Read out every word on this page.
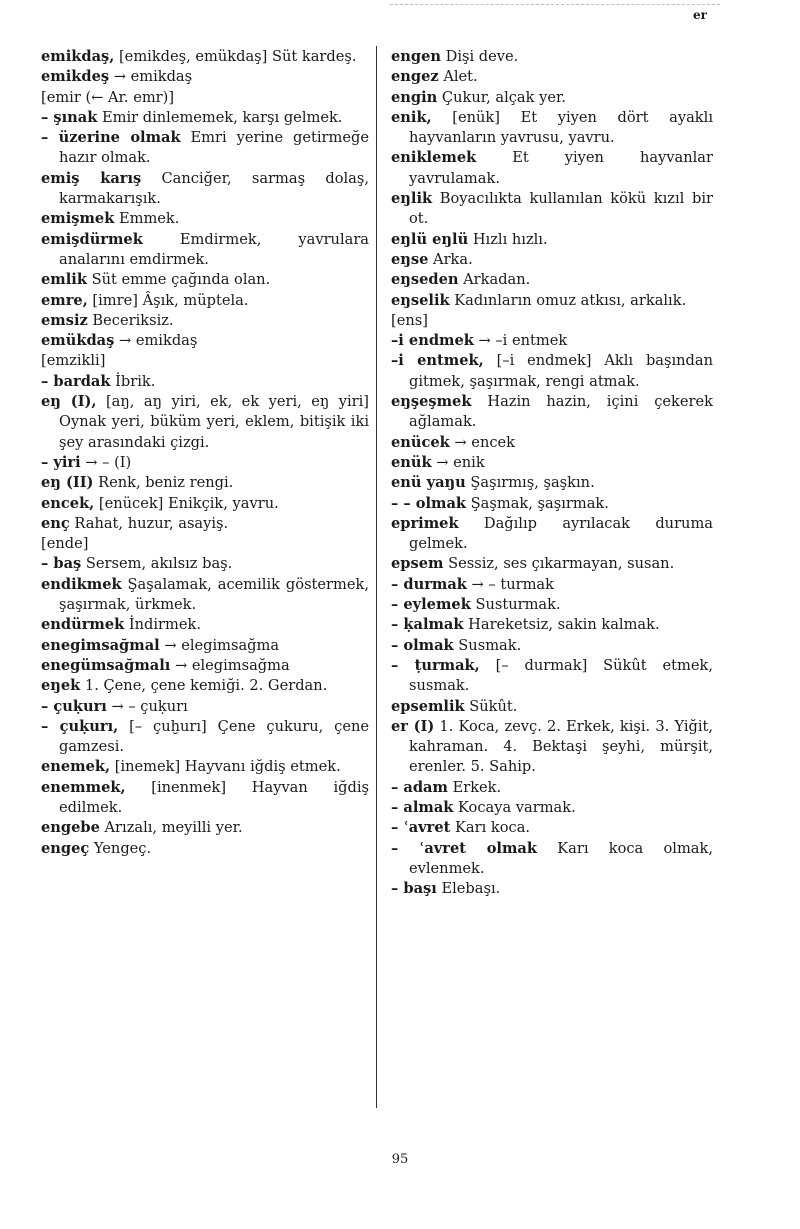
er

emikdaş, [emikdeş, emükdaş] Süt kardeş.

emikdeş → emikdaş

[emir (← Ar. emr)]

– şınak Emir dinlememek, karşı gelmek.

– üzerine olmak Emri yerine getirmeğe hazır olmak.

emiş karış Canciğer, sarmaş dolaş, karmakarışık.

emişmek Emmek.

emişdürmek Emdirmek, yavrulara analarını emdirmek.

emlik Süt emme çağında olan.

emre, [imre] Âşık, müptela.

emsiz Beceriksiz.

emükdaş → emikdaş

[emzikli]

– bardak İbrik.

eŋ (I), [aŋ, aŋ yiri, ek, ek yeri, eŋ yiri] Oynak yeri, büküm yeri, eklem, bitişik iki şey arasındaki çizgi.

– yiri → – (I)

eŋ (II) Renk, beniz rengi.

encek, [enücek] Enikçik, yavru.

enç Rahat, huzur, asayiş.

[ende]

– baş Sersem, akılsız baş.

endikmek Şaşalamak, acemilik göstermek, şaşırmak, ürkmek.

endürmek İndirmek.

enegimsağmal → elegimsağma

enegümsağmalı → elegimsağma

eŋek 1. Çene, çene kemiği. 2. Gerdan.

– çuḳurı → – çuḳurı

– çuḳurı, [– çuḫurı] Çene çukuru, çene gamzesi.

enemek, [inemek] Hayvanı iğdiş etmek.

enemmek, [inenmek] Hayvan iğdiş edilmek.

engebe Arızalı, meyilli yer.

engeç Yengeç.

engen Dişi deve.

engez Alet.

engin Çukur, alçak yer.

enik, [enük] Et yiyen dört ayaklı hayvanların yavrusu, yavru.

eniklemek Et yiyen hayvanlar yavrulamak.

eŋlik Boyacılıkta kullanılan kökü kızıl bir ot.

eŋlü eŋlü Hızlı hızlı.

eŋse Arka.

eŋseden Arkadan.

eŋselik Kadınların omuz atkısı, arkalık.

[ens]

–i endmek → –i entmek

–i entmek, [–i endmek] Aklı başından gitmek, şaşırmak, rengi atmak.

eŋşeşmek Hazin hazin, içini çekerek ağlamak.

enücek → encek

enük → enik

enü yaŋu Şaşırmış, şaşkın.

– – olmak Şaşmak, şaşırmak.

eprimek Dağılıp ayrılacak duruma gelmek.

epsem Sessiz, ses çıkarmayan, susan.

– durmak → – turmak

– eylemek Susturmak.

– ḳalmak Hareketsiz, sakin kalmak.

– olmak Susmak.

– ṭurmak, [– durmak] Sükût etmek, susmak.

epsemlik Sükût.

er (I) 1. Koca, zevç. 2. Erkek, kişi. 3. Yiğit, kahraman. 4. Bektaşi şeyhi, mürşit, erenler. 5. Sahip.

– adam Erkek.

– almak Kocaya varmak.

– ʿavret Karı koca.

– ʿavret olmak Karı koca olmak, evlenmek.

– başı Elebaşı.

95
